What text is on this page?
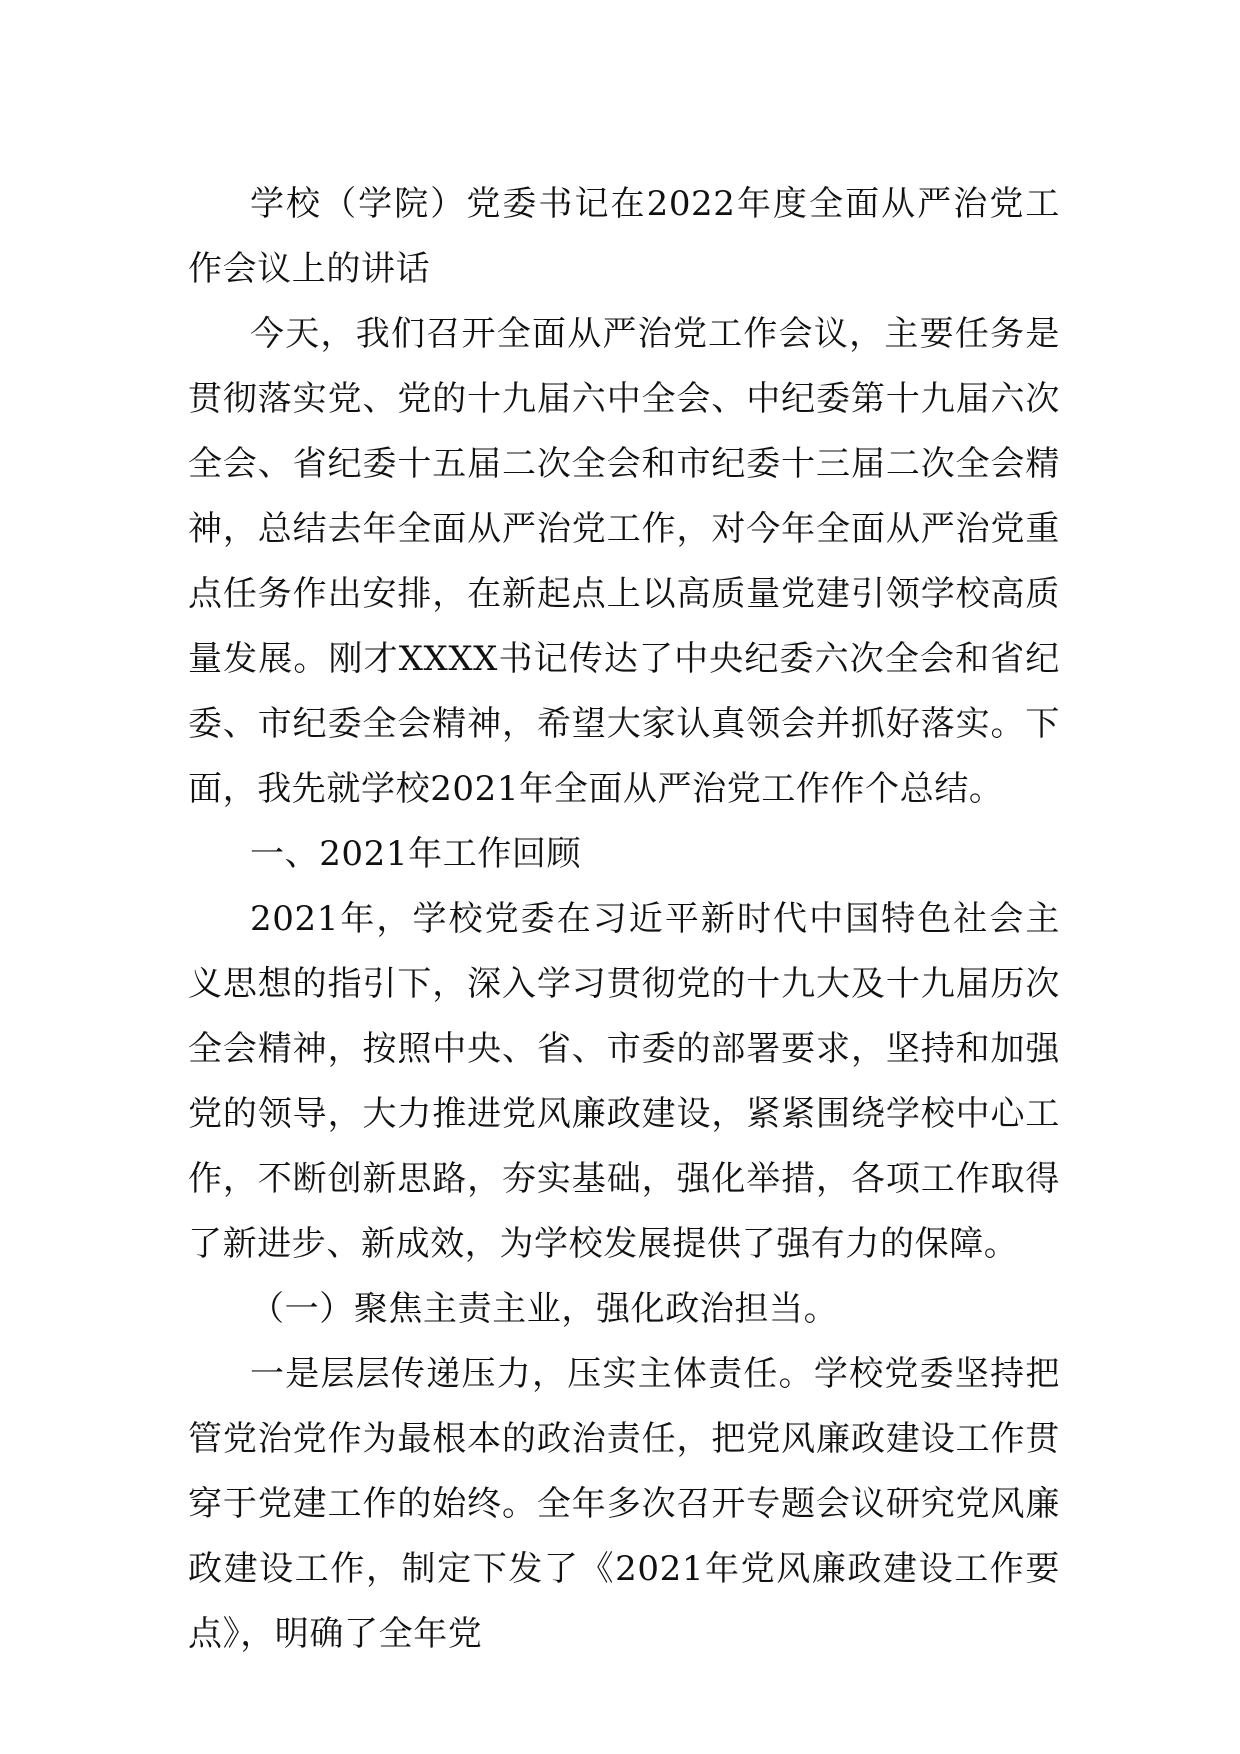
学校（学院）党委书记在2022年度全面从严治党工作会议上的讲话

今天，我们召开全面从严治党工作会议，主要任务是贯彻落实党、党的十九届六中全会、中纪委第十九届六次全会、省纪委十五届二次全会和市纪委十三届二次全会精神，总结去年全面从严治党工作，对今年全面从严治党重点任务作出安排，在新起点上以高质量党建引领学校高质量发展。刚才XXXX书记传达了中央纪委六次全会和省纪委、市纪委全会精神，希望大家认真领会并抓好落实。下面，我先就学校2021年全面从严治党工作作个总结。

一、2021年工作回顾

2021年，学校党委在习近平新时代中国特色社会主义思想的指引下，深入学习贯彻党的十九大及十九届历次全会精神，按照中央、省、市委的部署要求，坚持和加强党的领导，大力推进党风廉政建设，紧紧围绕学校中心工作，不断创新思路，夯实基础，强化举措，各项工作取得了新进步、新成效，为学校发展提供了强有力的保障。

（一）聚焦主责主业，强化政治担当。

一是层层传递压力，压实主体责任。学校党委坚持把管党治党作为最根本的政治责任，把党风廉政建设工作贯穿于党建工作的始终。全年多次召开专题会议研究党风廉政建设工作，制定下发了《2021年党风廉政建设工作要点》，明确了全年党
